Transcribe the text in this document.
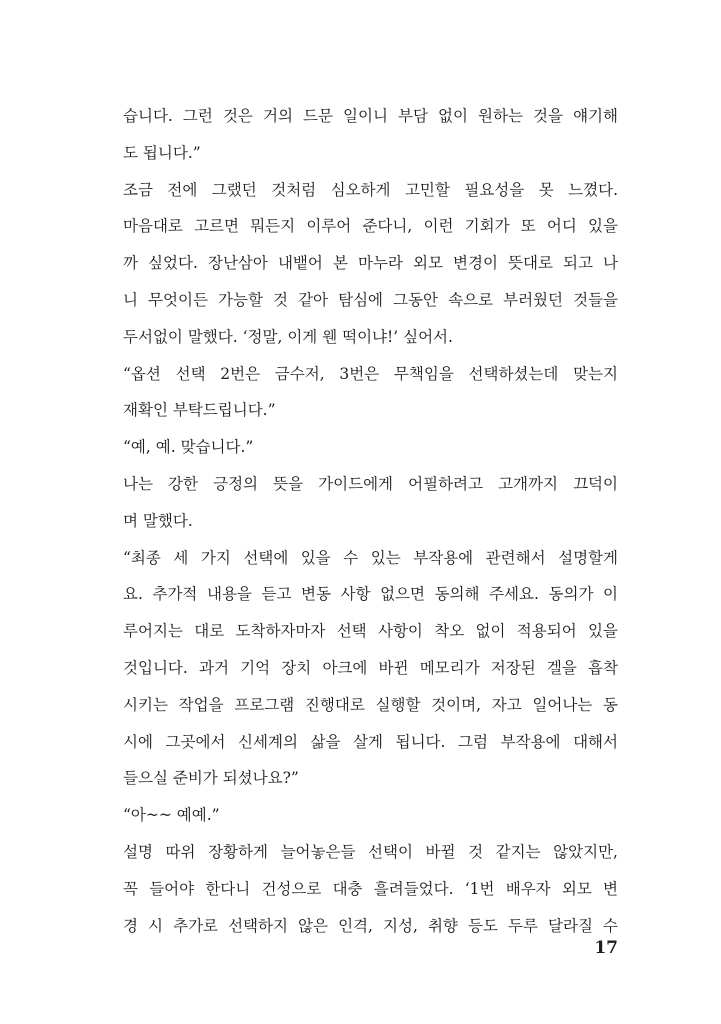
습니다. 그런 것은 거의 드문 일이니 부담 없이 원하는 것을 얘기해
도 됩니다.”
조금 전에 그랬던 것처럼 심오하게 고민할 필요성을 못 느꼈다.
마음대로 고르면 뭐든지 이루어 준다니, 이런 기회가 또 어디 있을
까 싶었다. 장난삼아 내뱉어 본 마누라 외모 변경이 뜻대로 되고 나
니 무엇이든 가능할 것 같아 탐심에 그동안 속으로 부러웠던 것들을
두서없이 말했다. ‘정말, 이게 웬 떡이냐!’ 싶어서.
“옵션 선택 2번은 금수저, 3번은 무책임을 선택하셨는데 맞는지
재확인 부탁드립니다.”
“예, 예. 맞습니다.”
나는 강한 긍정의 뜻을 가이드에게 어필하려고 고개까지 끄덕이
며 말했다.
“최종 세 가지 선택에 있을 수 있는 부작용에 관련해서 설명할게
요. 추가적 내용을 듣고 변동 사항 없으면 동의해 주세요. 동의가 이
루어지는 대로 도착하자마자 선택 사항이 착오 없이 적용되어 있을
것입니다. 과거 기억 장치 아크에 바뀐 메모리가 저장된 겔을 흡착
시키는 작업을 프로그램 진행대로 실행할 것이며, 자고 일어나는 동
시에 그곳에서 신세계의 삶을 살게 됩니다. 그럼 부작용에 대해서
들으실 준비가 되셨나요?”
“아~~ 예예.”
설명 따위 장황하게 늘어놓은들 선택이 바뀔 것 같지는 않았지만,
꼭 들어야 한다니 건성으로 대충 흘려들었다. ‘1번 배우자 외모 변
경 시 추가로 선택하지 않은 인격, 지성, 취향 등도 두루 달라질 수
17
